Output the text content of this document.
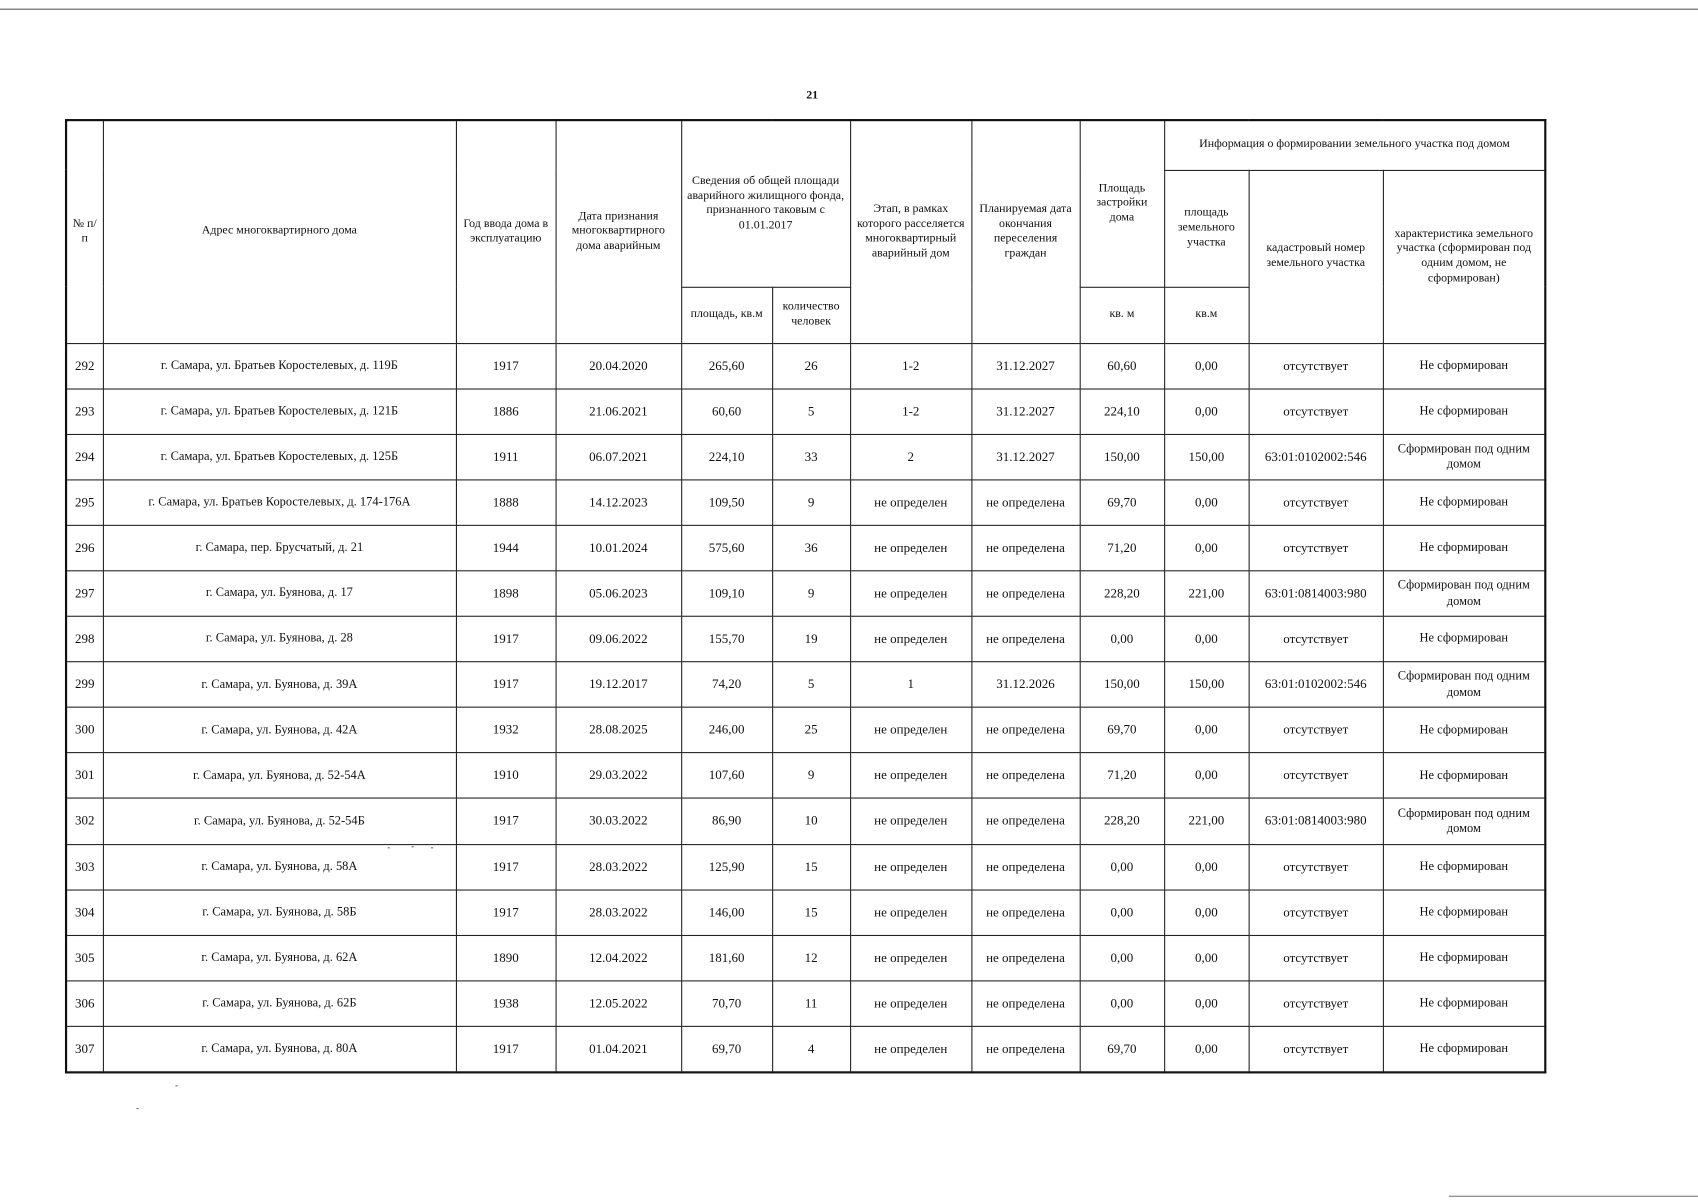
21
№ п/п	Адрес многоквартирного дома	Год ввода дома в эксплуатацию	Дата признания многоквартирного дома аварийным	Сведения об общей площади аварийного жилищного фонда, признанного таковым с 01.01.2017		Этап, в рамках которого расселяется многоквартирный аварийный дом	Планируемая дата окончания переселения граждан	Площадь застройки дома	Информация о формировании земельного участка под домом		
									площадь земельного участка	кадастровый номер земельного участка	характеристика земельного участка (сформирован под одним домом, не сформирован)
				площадь, кв.м	количество человек			кв. м	кв.м		
292	г. Самара, ул. Братьев Коростелевых, д. 119Б	1917	20.04.2020	265,60	26	1-2	31.12.2027	60,60	0,00	отсутствует	Не сформирован
293	г. Самара, ул. Братьев Коростелевых, д. 121Б	1886	21.06.2021	60,60	5	1-2	31.12.2027	224,10	0,00	отсутствует	Не сформирован
294	г. Самара, ул. Братьев Коростелевых, д. 125Б	1911	06.07.2021	224,10	33	2	31.12.2027	150,00	150,00	63:01:0102002:546	Сформирован под одним домом
295	г. Самара, ул. Братьев Коростелевых, д. 174-176А	1888	14.12.2023	109,50	9	не определен	не определена	69,70	0,00	отсутствует	Не сформирован
296	г. Самара, пер. Брусчатый, д. 21	1944	10.01.2024	575,60	36	не определен	не определена	71,20	0,00	отсутствует	Не сформирован
297	г. Самара, ул. Буянова, д. 17	1898	05.06.2023	109,10	9	не определен	не определена	228,20	221,00	63:01:0814003:980	Сформирован под одним домом
298	г. Самара, ул. Буянова, д. 28	1917	09.06.2022	155,70	19	не определен	не определена	0,00	0,00	отсутствует	Не сформирован
299	г. Самара, ул. Буянова, д. 39А	1917	19.12.2017	74,20	5	1	31.12.2026	150,00	150,00	63:01:0102002:546	Сформирован под одним домом
300	г. Самара, ул. Буянова, д. 42А	1932	28.08.2025	246,00	25	не определен	не определена	69,70	0,00	отсутствует	Не сформирован
301	г. Самара, ул. Буянова, д. 52-54А	1910	29.03.2022	107,60	9	не определен	не определена	71,20	0,00	отсутствует	Не сформирован
302	г. Самара, ул. Буянова, д. 52-54Б	1917	30.03.2022	86,90	10	не определен	не определена	228,20	221,00	63:01:0814003:980	Сформирован под одним домом
303	г. Самара, ул. Буянова, д. 58А	1917	28.03.2022	125,90	15	не определен	не определена	0,00	0,00	отсутствует	Не сформирован
304	г. Самара, ул. Буянова, д. 58Б	1917	28.03.2022	146,00	15	не определен	не определена	0,00	0,00	отсутствует	Не сформирован
305	г. Самара, ул. Буянова, д. 62А	1890	12.04.2022	181,60	12	не определен	не определена	0,00	0,00	отсутствует	Не сформирован
306	г. Самара, ул. Буянова, д. 62Б	1938	12.05.2022	70,70	11	не определен	не определена	0,00	0,00	отсутствует	Не сформирован
307	г. Самара, ул. Буянова, д. 80А	1917	01.04.2021	69,70	4	не определен	не определена	69,70	0,00	отсутствует	Не сформирован
